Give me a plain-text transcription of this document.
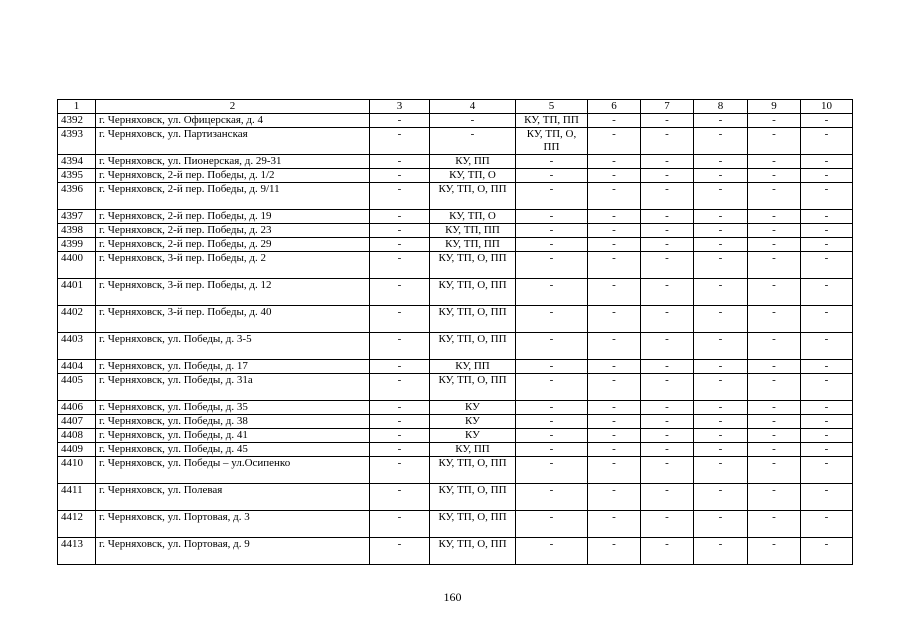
1	2	3	4	5	6	7	8	9	10
4392	г. Черняховск, ул. Офицерская, д. 4	-	-	КУ, ТП, ПП	-	-	-	-	-
4393	г. Черняховск, ул. Партизанская	-	-	КУ, ТП, О, ПП	-	-	-	-	-
4394	г. Черняховск, ул. Пионерская, д. 29-31	-	КУ, ПП	-	-	-	-	-	-
4395	г. Черняховск, 2-й пер. Победы, д. 1/2	-	КУ, ТП, О	-	-	-	-	-	-
4396	г. Черняховск, 2-й пер. Победы, д. 9/11	-	КУ, ТП, О, ПП	-	-	-	-	-	-
4397	г. Черняховск, 2-й пер. Победы, д. 19	-	КУ, ТП, О	-	-	-	-	-	-
4398	г. Черняховск, 2-й пер. Победы, д. 23	-	КУ, ТП, ПП	-	-	-	-	-	-
4399	г. Черняховск, 2-й пер. Победы, д. 29	-	КУ, ТП, ПП	-	-	-	-	-	-
4400	г. Черняховск, 3-й пер. Победы, д. 2	-	КУ, ТП, О, ПП	-	-	-	-	-	-
4401	г. Черняховск, 3-й пер. Победы, д. 12	-	КУ, ТП, О, ПП	-	-	-	-	-	-
4402	г. Черняховск, 3-й пер. Победы, д. 40	-	КУ, ТП, О, ПП	-	-	-	-	-	-
4403	г. Черняховск, ул. Победы, д. 3-5	-	КУ, ТП, О, ПП	-	-	-	-	-	-
4404	г. Черняховск, ул. Победы, д. 17	-	КУ, ПП	-	-	-	-	-	-
4405	г. Черняховск, ул. Победы, д. 31а	-	КУ, ТП, О, ПП	-	-	-	-	-	-
4406	г. Черняховск, ул. Победы, д. 35	-	КУ	-	-	-	-	-	-
4407	г. Черняховск, ул. Победы, д. 38	-	КУ	-	-	-	-	-	-
4408	г. Черняховск, ул. Победы, д. 41	-	КУ	-	-	-	-	-	-
4409	г. Черняховск, ул. Победы, д. 45	-	КУ, ПП	-	-	-	-	-	-
4410	г. Черняховск, ул. Победы – ул.Осипенко	-	КУ, ТП, О, ПП	-	-	-	-	-	-
4411	г. Черняховск, ул. Полевая	-	КУ, ТП, О, ПП	-	-	-	-	-	-
4412	г. Черняховск, ул. Портовая, д. 3	-	КУ, ТП, О, ПП	-	-	-	-	-	-
4413	г. Черняховск, ул. Портовая, д. 9	-	КУ, ТП, О, ПП	-	-	-	-	-	-
160
